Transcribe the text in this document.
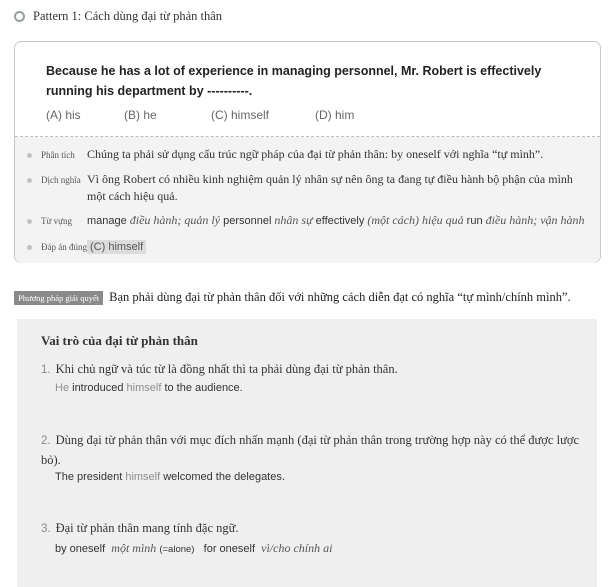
Pattern 1: Cách dùng đại từ phản thân
Because he has a lot of experience in managing personnel, Mr. Robert is effectively running his department by ----------.
(A) his	(B) he	(C) himself	(D) him
Phân tích	Chúng ta phải sử dụng cấu trúc ngữ pháp của đại từ phản thân: by oneself với nghĩa “tự mình”.
Dịch nghĩa Vì ông Robert có nhiều kinh nghiệm quản lý nhân sự nên ông ta đang tự điều hành bộ phận của mình một cách hiệu quả.
Từ vựng	manage điều hành; quản lý personnel nhân sự effectively (một cách) hiệu quả run điều hành; vận hành
Đáp án đúng (C) himself
Phương pháp giải quyết Bạn phải dùng đại từ phản thân đối với những cách diễn đạt có nghĩa “tự mình/chính mình”.
Vai trò của đại từ phản thân
1. Khi chủ ngữ và túc từ là đồng nhất thì ta phải dùng đại từ phản thân.
He introduced himself to the audience.
2. Dùng đại từ phản thân với mục đích nhấn mạnh (đại từ phản thân trong trường hợp này có thể được lược bỏ).
The president himself welcomed the delegates.
3. Đại từ phản thân mang tính đặc ngữ.
by oneself một mình (=alone) for oneself vì/cho chính ai
